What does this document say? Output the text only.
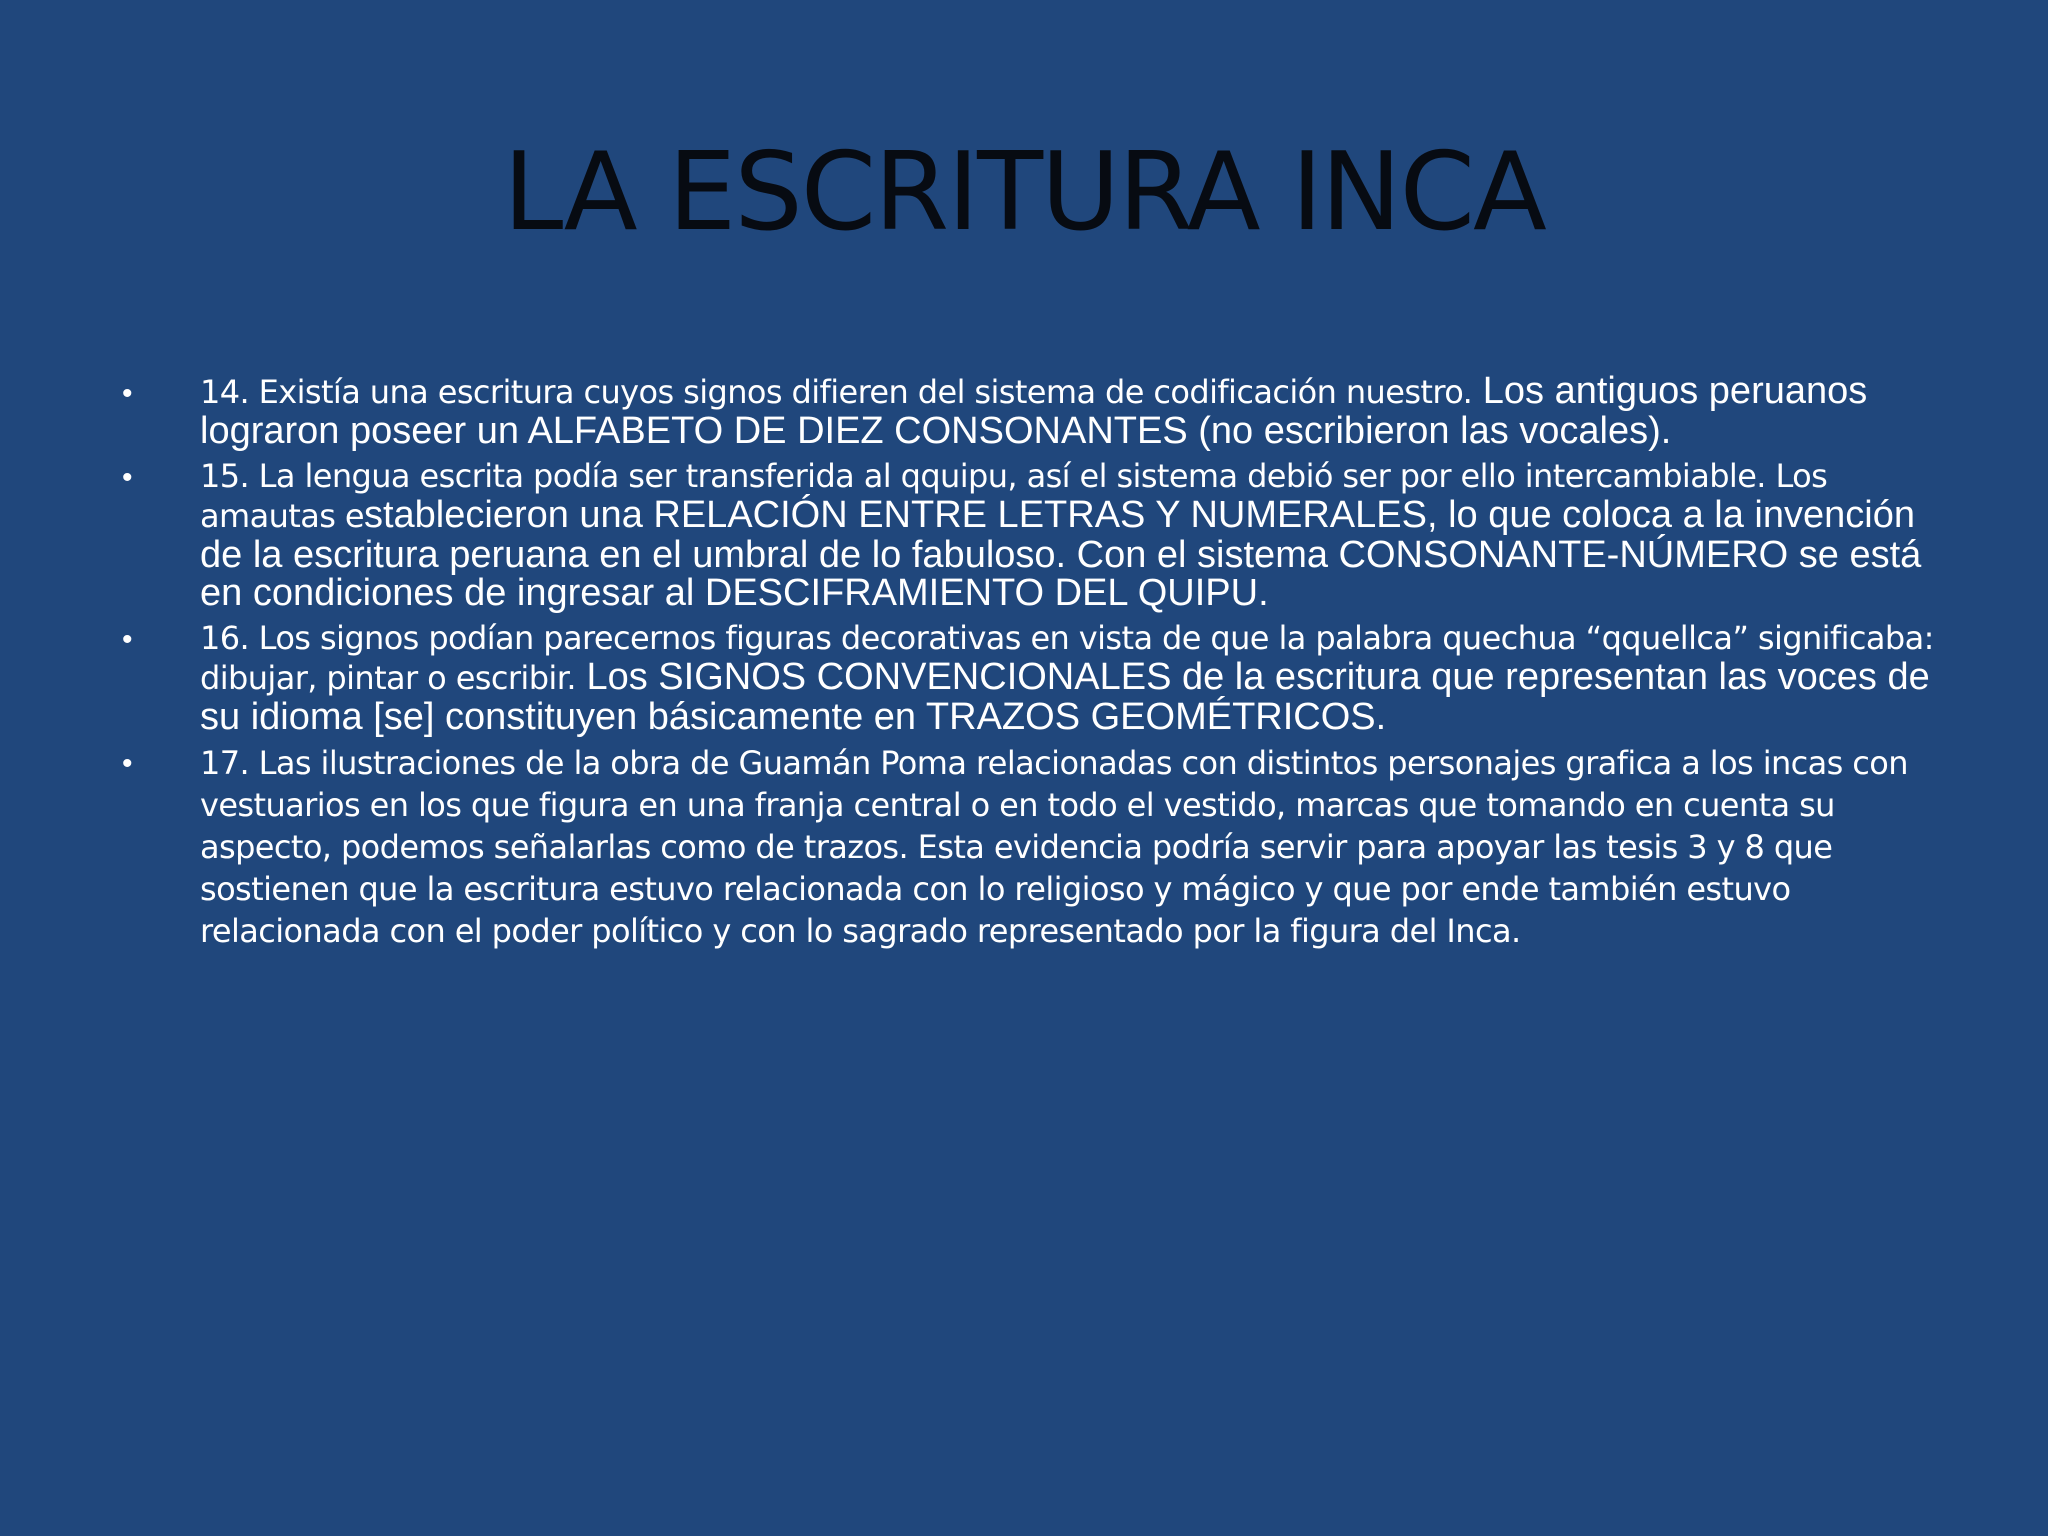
LA ESCRITURA INCA
• 14. Existía una escritura cuyos signos difieren del sistema de codificación nuestro. Los antiguos peruanos lograron poseer un ALFABETO DE DIEZ CONSONANTES (no escribieron las vocales).
• 15. La lengua escrita podía ser transferida al qquipu, así el sistema debió ser por ello intercambiable. Los amautas establecieron una RELACIÓN ENTRE LETRAS Y NUMERALES, lo que coloca a la invención de la escritura peruana en el umbral de lo fabuloso. Con el sistema CONSONANTE-NÚMERO se está en condiciones de ingresar al DESCIFRAMIENTO DEL QUIPU.
• 16. Los signos podían parecernos figuras decorativas en vista de que la palabra quechua “qquellca” significaba: dibujar, pintar o escribir. Los SIGNOS CONVENCIONALES de la escritura que representan las voces de su idioma [se] constituyen básicamente en TRAZOS GEOMÉTRICOS.
• 17. Las ilustraciones de la obra de Guamán Poma relacionadas con distintos personajes grafica a los incas con vestuarios en los que figura en una franja central o en todo el vestido, marcas que tomando en cuenta su aspecto, podemos señalarlas como de trazos. Esta evidencia podría servir para apoyar las tesis 3 y 8 que sostienen que la escritura estuvo relacionada con lo religioso y mágico y que por ende también estuvo relacionada con el poder político y con lo sagrado representado por la figura del Inca.
